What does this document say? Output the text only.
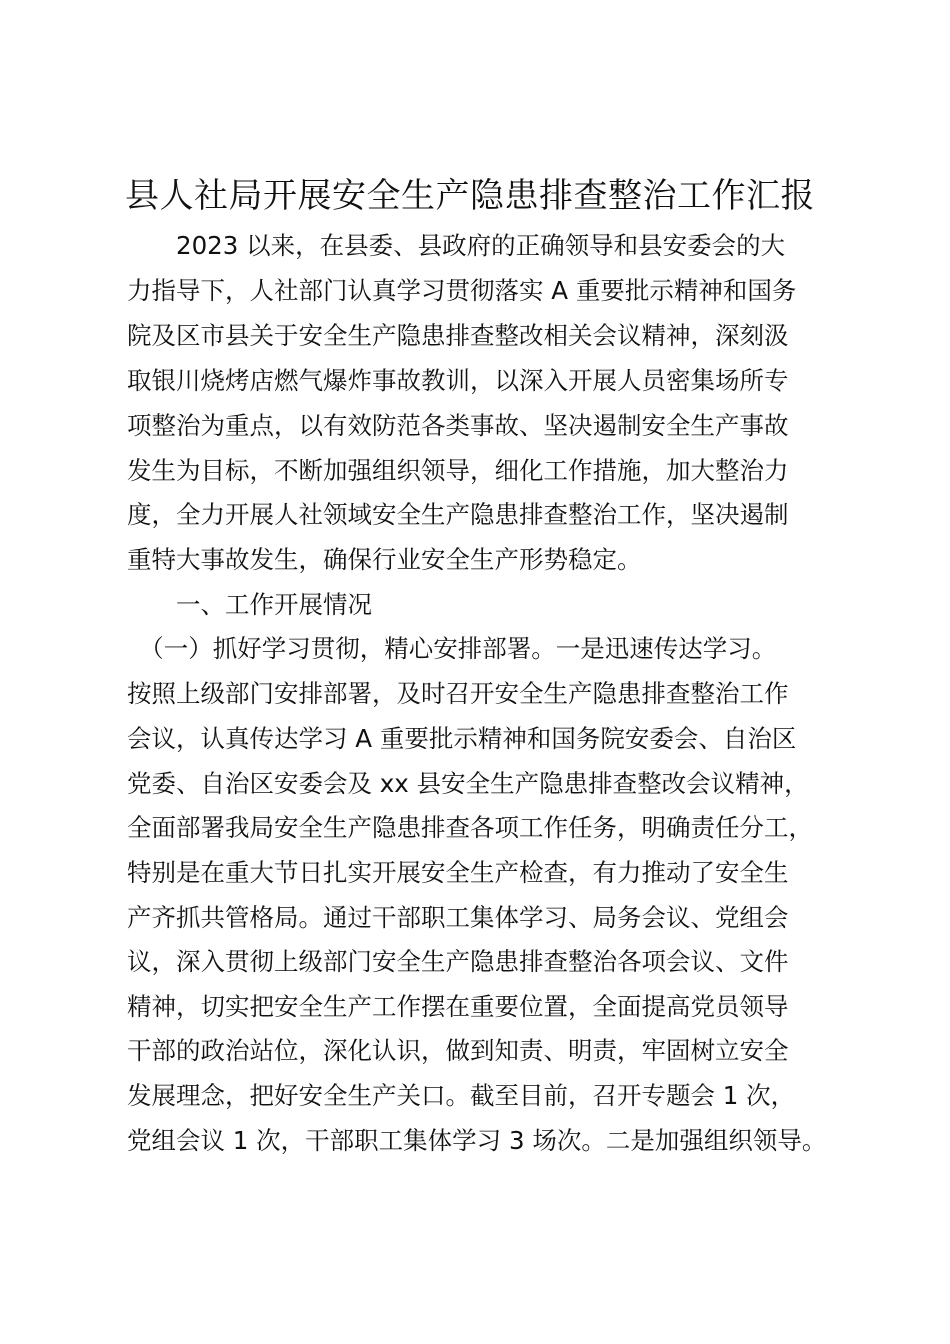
县人社局开展安全生产隐患排查整治工作汇报

　　2023 以来，在县委、县政府的正确领导和县安委会的大

力指导下，人社部门认真学习贯彻落实 A 重要批示精神和国务

院及区市县关于安全生产隐患排查整改相关会议精神，深刻汲

取银川烧烤店燃气爆炸事故教训，以深入开展人员密集场所专

项整治为重点，以有效防范各类事故、坚决遏制安全生产事故

发生为目标，不断加强组织领导，细化工作措施，加大整治力

度，全力开展人社领域安全生产隐患排查整治工作，坚决遏制

重特大事故发生，确保行业安全生产形势稳定。

　　一、工作开展情况

　（一）抓好学习贯彻，精心安排部署。一是迅速传达学习。

按照上级部门安排部署，及时召开安全生产隐患排查整治工作

会议，认真传达学习 A 重要批示精神和国务院安委会、自治区

党委、自治区安委会及 xx 县安全生产隐患排查整改会议精神，

全面部署我局安全生产隐患排查各项工作任务，明确责任分工，

特别是在重大节日扎实开展安全生产检查，有力推动了安全生

产齐抓共管格局。通过干部职工集体学习、局务会议、党组会

议，深入贯彻上级部门安全生产隐患排查整治各项会议、文件

精神，切实把安全生产工作摆在重要位置，全面提高党员领导

干部的政治站位，深化认识，做到知责、明责，牢固树立安全

发展理念，把好安全生产关口。截至目前，召开专题会 1 次，

党组会议 1 次，干部职工集体学习 3 场次。二是加强组织领导。
